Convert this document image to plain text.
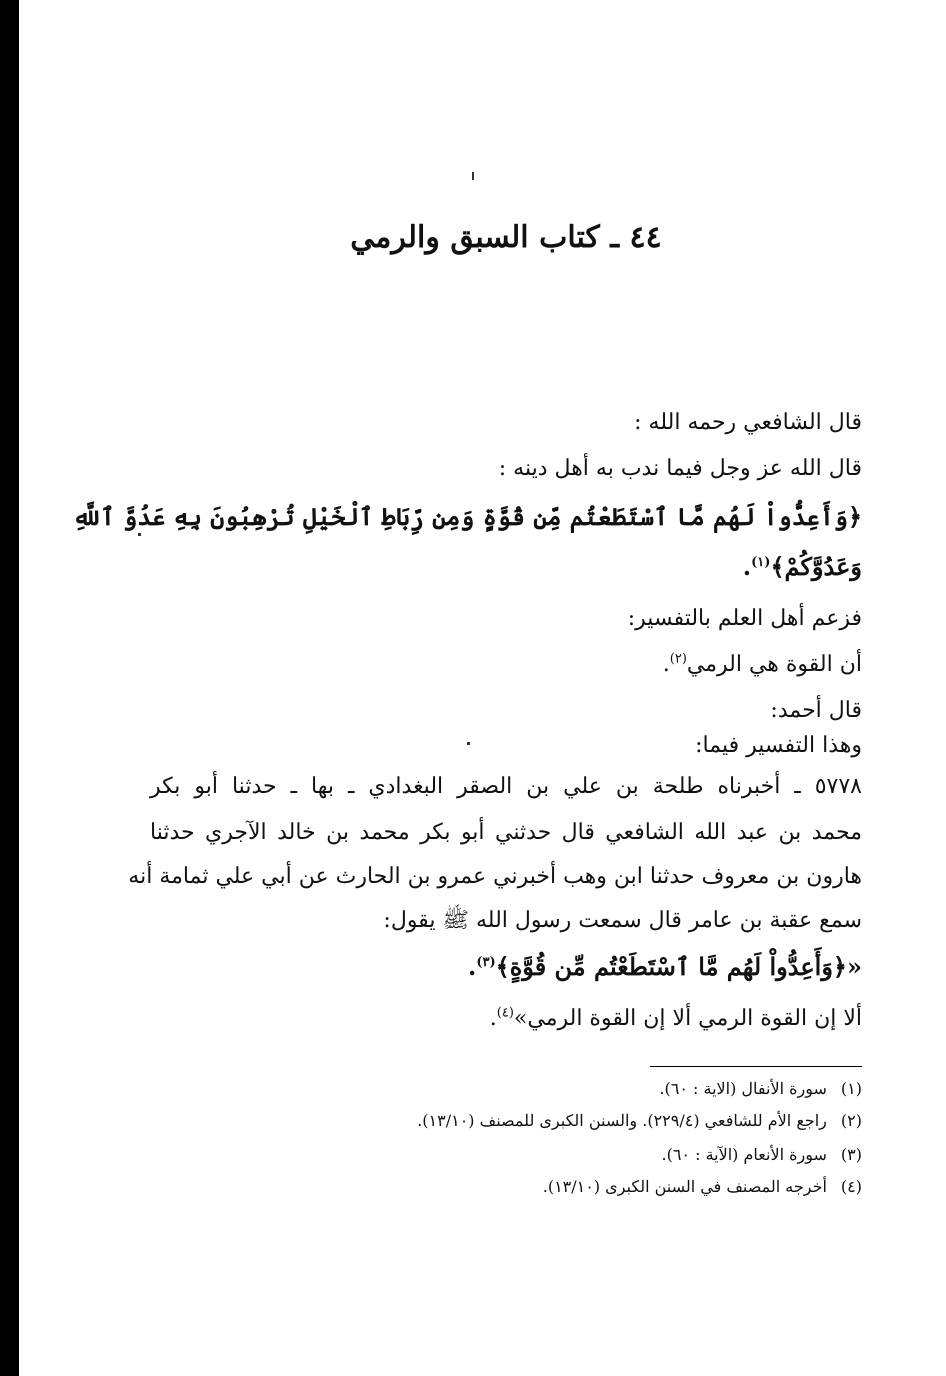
٤٤ ـ كتاب السبق والرمي
قال الشافعي رحمه الله :
قال الله عز وجل فيما ندب به أهل دينه :
﴿وَأَعِدُّواْ لَهُم مَّا ٱسْتَطَعْتُم مِّن قُوَّةٍ وَمِن رِّبَاطِ ٱلْخَيْلِ تُرْهِبُونَ بِهِ عَدُوَّ ٱللَّهِ
وَعَدُوَّكُمْ﴾$^{(١)}$.
فزعم أهل العلم بالتفسير:
أن القوة هي الرمي$^{(٢)}$.
قال أحمد:
وهذا التفسير فيما:
٥٧٧٨ ـ أخبرناه طلحة بن علي بن الصقر البغدادي ـ بها ـ حدثنا أبو بكر
محمد بن عبد الله الشافعي قال حدثني أبو بكر محمد بن خالد الآجري حدثنا
هارون بن معروف حدثنا ابن وهب أخبرني عمرو بن الحارث عن أبي علي ثمامة أنه
سمع عقبة بن عامر قال سمعت رسول الله ﷺ يقول:
«﴿وَأَعِدُّواْ لَهُم مَّا ٱسْتَطَعْتُم مِّن قُوَّةٍ﴾$^{(٣)}$.
ألا إن القوة الرمي ألا إن القوة الرمي»$^{(٤)}$.
(١) سورة الأنفال (الاية : ٦٠).
(٢) راجع الأم للشافعي (٢٢٩/٤). والسنن الكبرى للمصنف (١٣/١٠).
(٣) سورة الأنعام (الآية : ٦٠).
(٤) أخرجه المصنف في السنن الكبرى (١٣/١٠).
